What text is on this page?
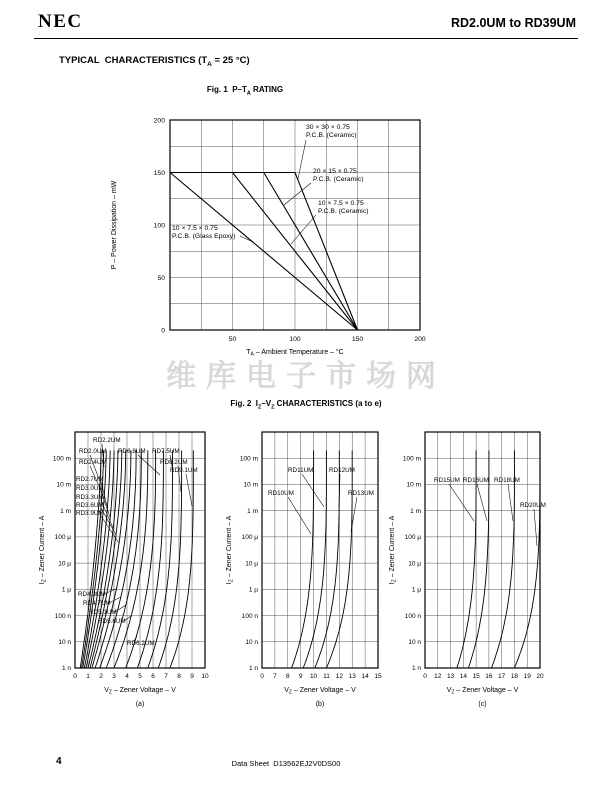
NEC	RD2.0UM to RD39UM
TYPICAL  CHARACTERISTICS ($T_A = 25$ °C)
Fig. 1  $P-T_A$ RATING
0
50
100
150
200
50	100	150	200
30 × 30 × 0.75
P.C.B. (Ceramic)
20 × 15 × 0.75
P.C.B. (Ceramic)
10 × 7.5 × 0.75
P.C.B. (Ceramic)
10 × 7.5 × 0.75
P.C.B. (Glass Epoxy)
$T_A$ – Ambient Temperature – °C
P – Power Dissipation – mW
维库电子市场网
Fig. 2  $I_Z-V_Z$ CHARACTERISTICS (a to e)
0 1 2 3 4 5 6 7 8 9 10
100 m
10 m
1 m
100 μ
10 μ
1 μ
100 n
10 n
1 n
RD2.2UM
RD2.0UM RD6.8UM RD7.5UM
RD2.4UM	RD8.2UM
RD9.1UM
RD2.7UM
RD3.0UM
RD3.3UM
RD3.6UM
RD3.9UM
RD4.3UM
RD4.7UM
RD5.1UM
RD5.6UM
RD6.2UM
$V_Z$ – Zener Voltage – V
(a)
$I_Z$ – Zener Current – A
0 7 8 9 10 11 12 13 14 15
100 m
10 m
1 m
100 μ
10 μ
1 μ
100 n
10 n
1 n
RD11UM RD12UM
RD10UM	RD13UM
$V_Z$ – Zener Voltage – V
(b)
$I_Z$ – Zener Current – A
0 12 13 14 15 16 17 18 19 20
100 m
10 m
1 m
100 μ
10 μ
1 μ
100 n
10 n
1 n
RD15UM RD16UM RD18UM
RD20UM
$V_Z$ – Zener Voltage – V
(c)
$I_Z$ – Zener Current – A
4	Data Sheet  D13562EJ2V0DS00
